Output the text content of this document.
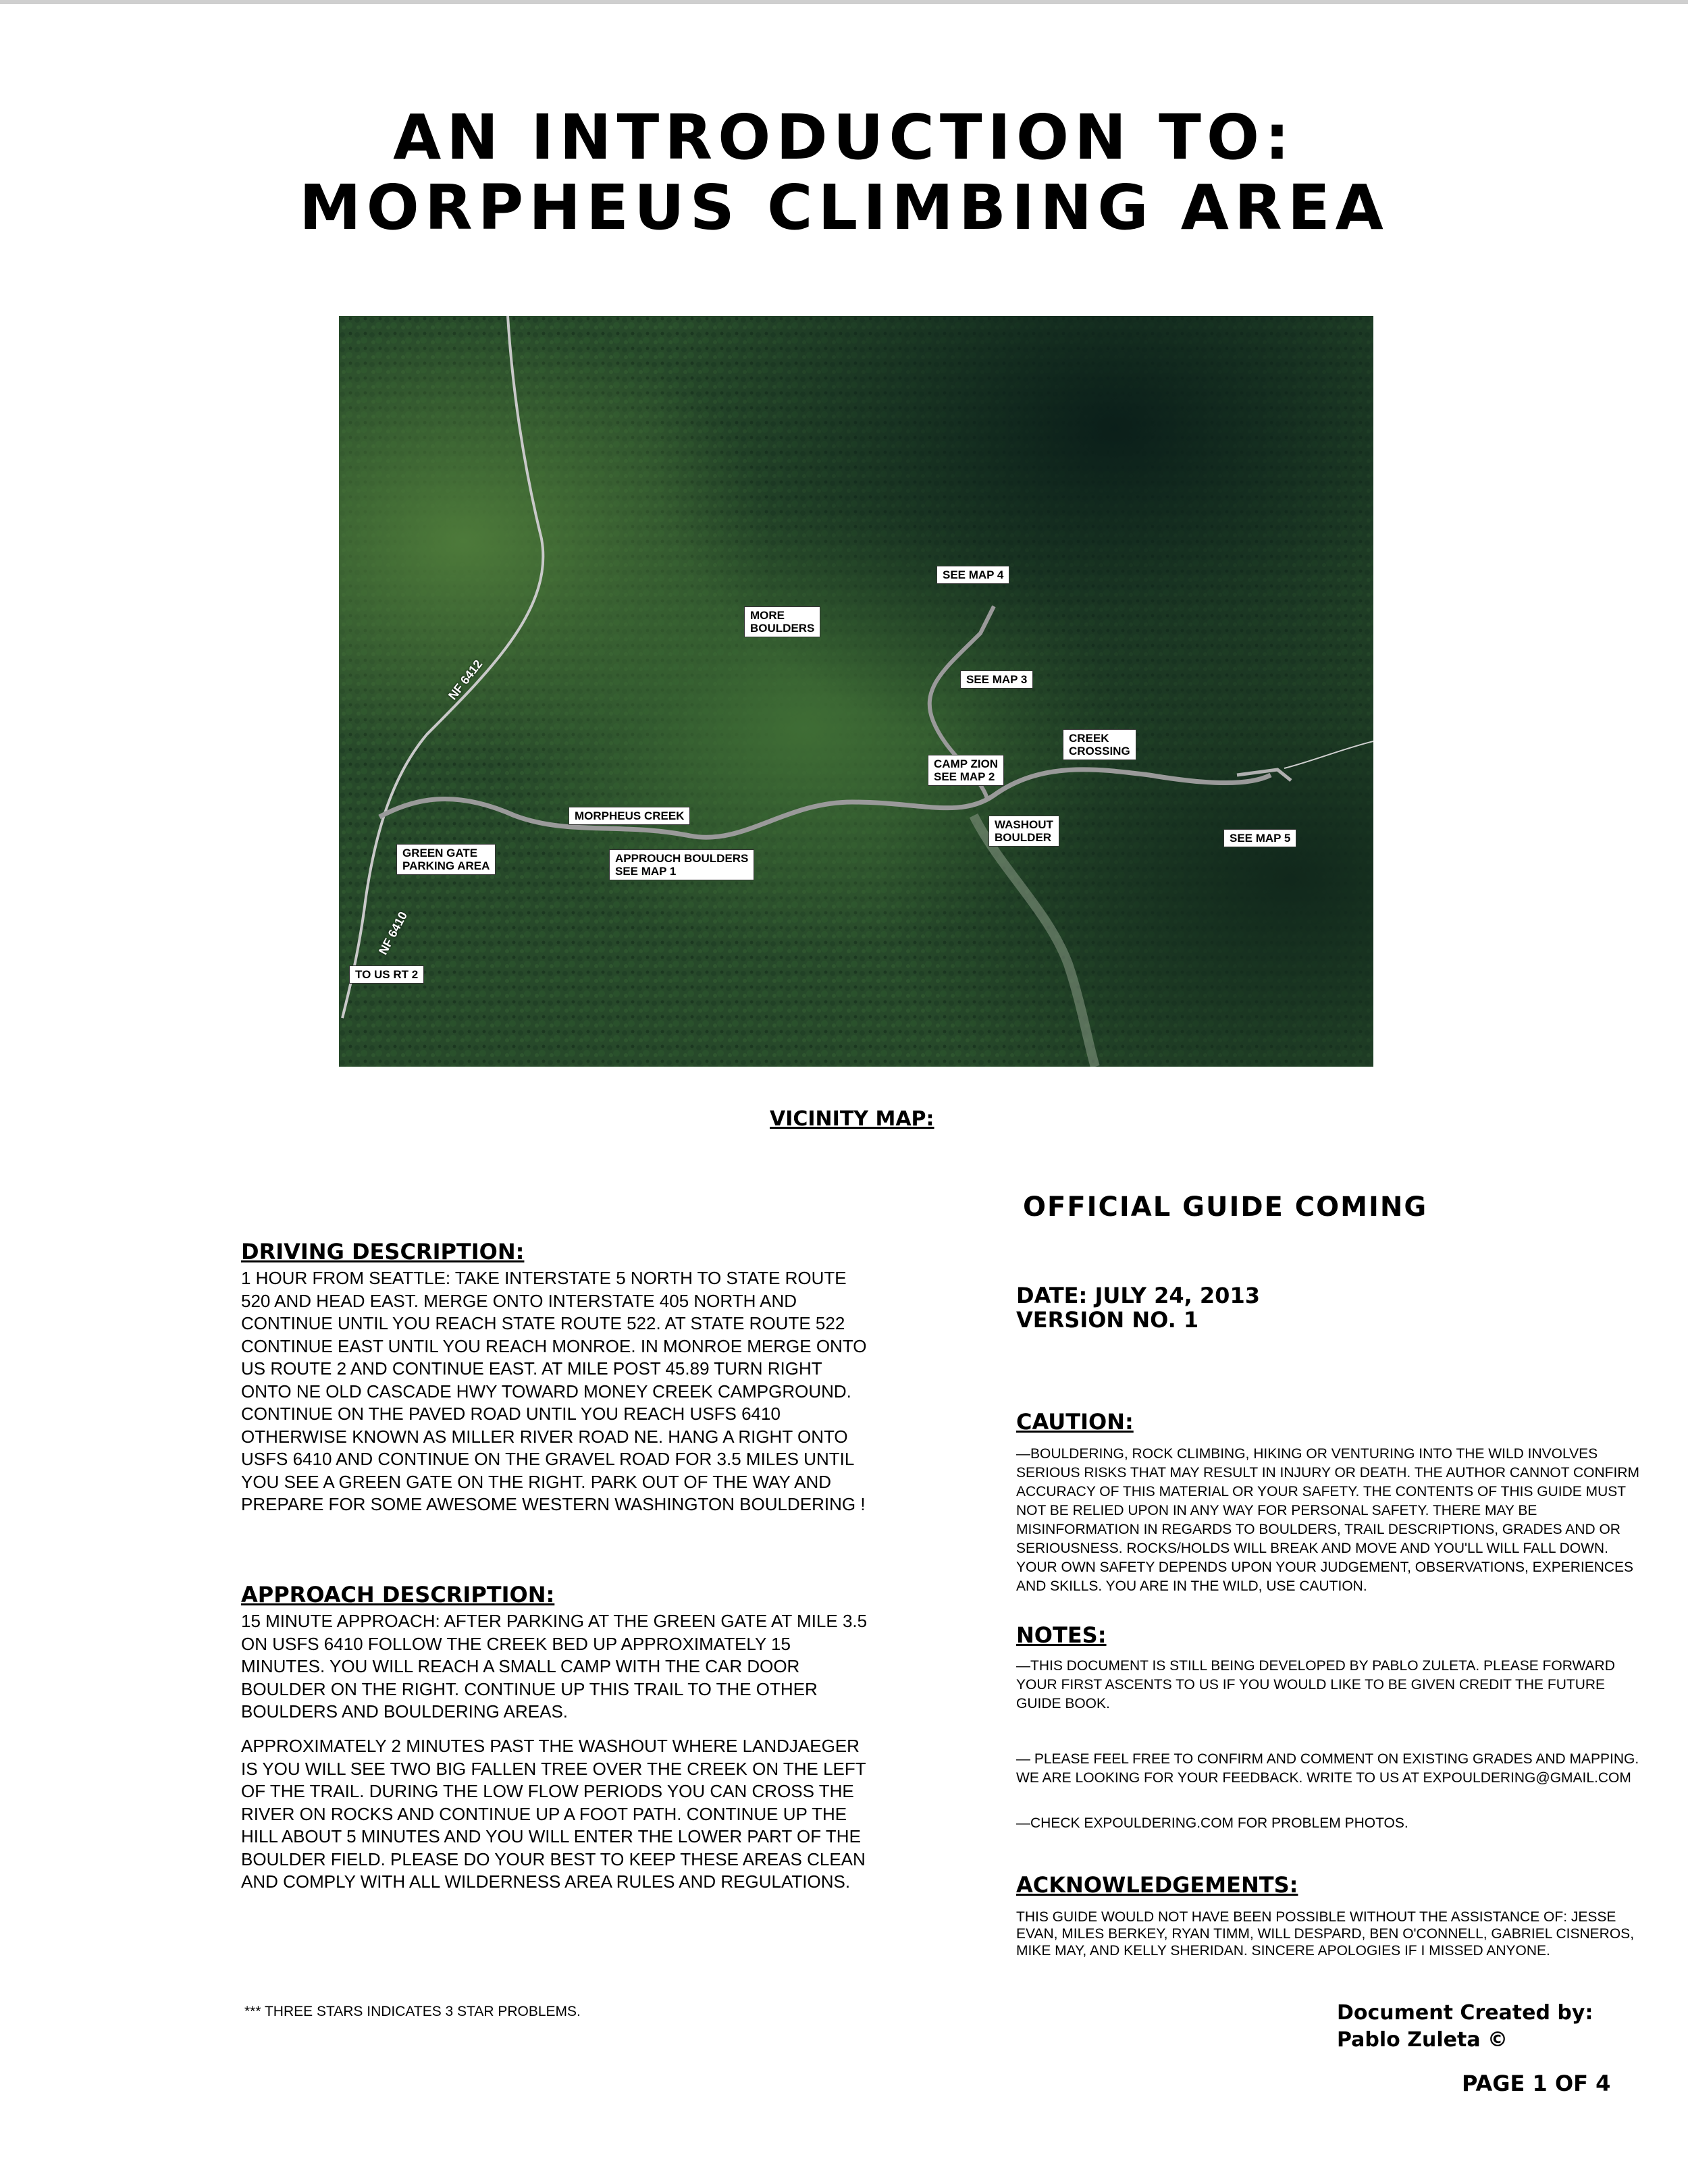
AN INTRODUCTION TO:
MORPHEUS CLIMBING AREA
SEE MAP 4
MORE
BOULDERS
SEE MAP 3
CREEK
CROSSING
CAMP ZION
SEE MAP 2
MORPHEUS CREEK
WASHOUT
BOULDER	SEE MAP 5
GREEN GATE
PARKING AREA
APPROUCH BOULDERS
SEE MAP 1
TO US RT 2
NF 6412
NF 6410
VICINITY MAP:
OFFICIAL GUIDE COMING
DATE: JULY 24, 2013
VERSION NO. 1
CAUTION:
—BOULDERING, ROCK CLIMBING, HIKING OR VENTURING INTO THE WILD INVOLVES SERIOUS RISKS THAT MAY RESULT IN INJURY OR DEATH. THE AUTHOR CANNOT CONFIRM ACCURACY OF THIS MATERIAL OR YOUR SAFETY. THE CONTENTS OF THIS GUIDE MUST NOT BE RELIED UPON IN ANY WAY FOR PERSONAL SAFETY. THERE MAY BE MISINFORMATION IN REGARDS TO BOULDERS, TRAIL DESCRIPTIONS, GRADES AND OR SERIOUSNESS. ROCKS/HOLDS WILL BREAK AND MOVE AND YOU'LL WILL FALL DOWN. YOUR OWN SAFETY DEPENDS UPON YOUR JUDGEMENT, OBSERVATIONS, EXPERIENCES AND SKILLS. YOU ARE IN THE WILD, USE CAUTION.
NOTES:
—THIS DOCUMENT IS STILL BEING DEVELOPED BY PABLO ZULETA. PLEASE FORWARD YOUR FIRST ASCENTS TO US IF YOU WOULD LIKE TO BE GIVEN CREDIT THE FUTURE GUIDE BOOK.
— PLEASE FEEL FREE TO CONFIRM AND COMMENT ON EXISTING GRADES AND MAPPING. WE ARE LOOKING FOR YOUR FEEDBACK. WRITE TO US AT EXPOULDERING@GMAIL.COM
—CHECK EXPOULDERING.COM FOR PROBLEM PHOTOS.
ACKNOWLEDGEMENTS:
THIS GUIDE WOULD NOT HAVE BEEN POSSIBLE WITHOUT THE ASSISTANCE OF: JESSE EVAN, MILES BERKEY, RYAN TIMM, WILL DESPARD, BEN O'CONNELL, GABRIEL CISNEROS, MIKE MAY, AND KELLY SHERIDAN. SINCERE APOLOGIES IF I MISSED ANYONE.
Document Created by:
Pablo Zuleta ©
PAGE 1 OF 4
DRIVING DESCRIPTION:
1 HOUR FROM SEATTLE: TAKE INTERSTATE 5 NORTH TO STATE ROUTE 520 AND HEAD EAST. MERGE ONTO INTERSTATE 405 NORTH AND CONTINUE UNTIL YOU REACH STATE ROUTE 522. AT STATE ROUTE 522 CONTINUE EAST UNTIL YOU REACH MONROE. IN MONROE MERGE ONTO US ROUTE 2 AND CONTINUE EAST. AT MILE POST 45.89 TURN RIGHT ONTO NE OLD CASCADE HWY TOWARD MONEY CREEK CAMPGROUND. CONTINUE ON THE PAVED ROAD UNTIL YOU REACH USFS 6410 OTHERWISE KNOWN AS MILLER RIVER ROAD NE. HANG A RIGHT ONTO USFS 6410 AND CONTINUE ON THE GRAVEL ROAD FOR 3.5 MILES UNTIL YOU SEE A GREEN GATE ON THE RIGHT. PARK OUT OF THE WAY AND PREPARE FOR SOME AWESOME WESTERN WASHINGTON BOULDERING !
APPROACH DESCRIPTION:
15 MINUTE APPROACH: AFTER PARKING AT THE GREEN GATE AT MILE 3.5 ON USFS 6410 FOLLOW THE CREEK BED UP APPROXIMATELY 15 MINUTES. YOU WILL REACH A SMALL CAMP WITH THE CAR DOOR BOULDER ON THE RIGHT. CONTINUE UP THIS TRAIL TO THE OTHER BOULDERS AND BOULDERING AREAS.
APPROXIMATELY 2 MINUTES PAST THE WASHOUT WHERE LANDJAEGER IS YOU WILL SEE TWO BIG FALLEN TREE OVER THE CREEK ON THE LEFT OF THE TRAIL. DURING THE LOW FLOW PERIODS YOU CAN CROSS THE RIVER ON ROCKS AND CONTINUE UP A FOOT PATH. CONTINUE UP THE HILL ABOUT 5 MINUTES AND YOU WILL ENTER THE LOWER PART OF THE BOULDER FIELD. PLEASE DO YOUR BEST TO KEEP THESE AREAS CLEAN AND COMPLY WITH ALL WILDERNESS AREA RULES AND REGULATIONS.
*** THREE STARS INDICATES 3 STAR PROBLEMS.
